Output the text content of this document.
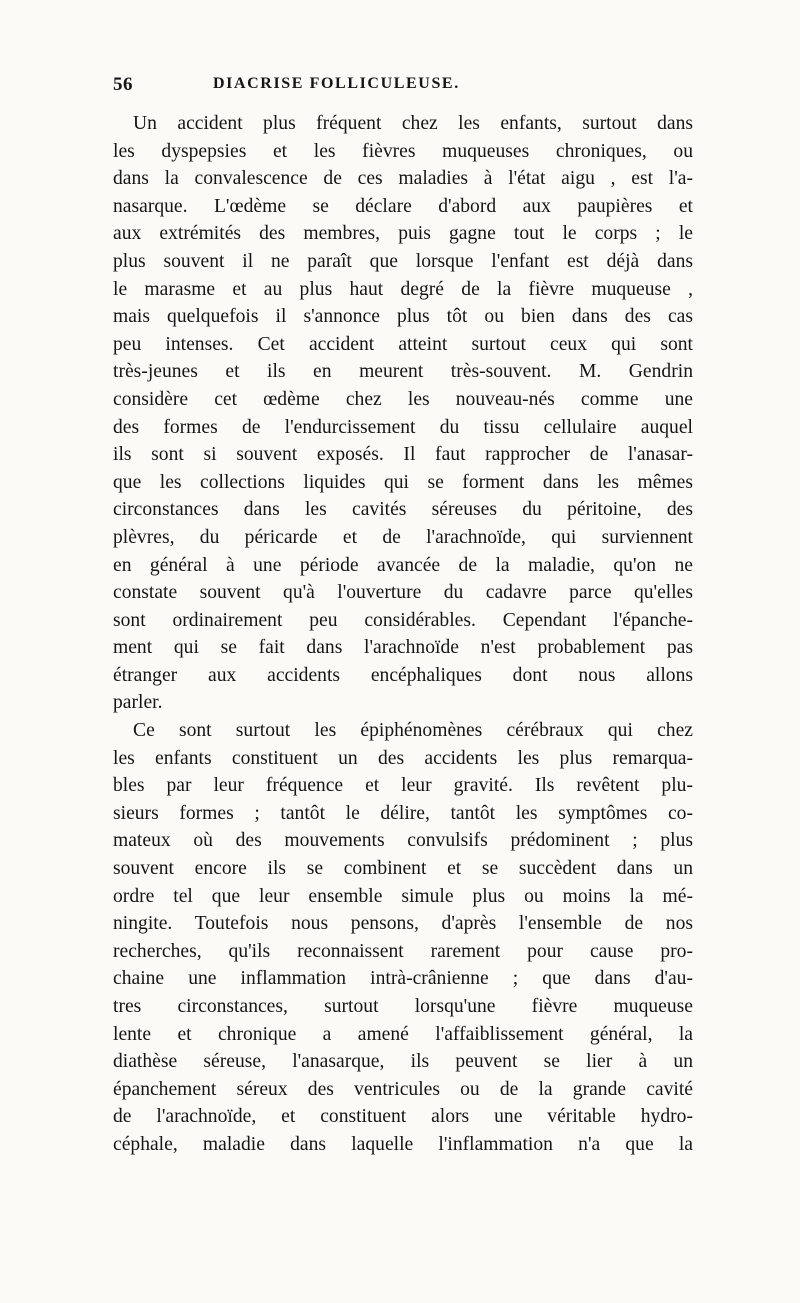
56	DIACRISE FOLLICULEUSE.
Un accident plus fréquent chez les enfants, surtout dans
les dyspepsies et les fièvres muqueuses chroniques, ou
dans la convalescence de ces maladies à l'état aigu , est l'a-
nasarque. L'œdème se déclare d'abord aux paupières et
aux extrémités des membres, puis gagne tout le corps ; le
plus souvent il ne paraît que lorsque l'enfant est déjà dans
le marasme et au plus haut degré de la fièvre muqueuse ,
mais quelquefois il s'annonce plus tôt ou bien dans des cas
peu intenses. Cet accident atteint surtout ceux qui sont
très-jeunes et ils en meurent très-souvent. M. Gendrin
considère cet œdème chez les nouveau-nés comme une
des formes de l'endurcissement du tissu cellulaire auquel
ils sont si souvent exposés. Il faut rapprocher de l'anasar-
que les collections liquides qui se forment dans les mêmes
circonstances dans les cavités séreuses du péritoine, des
plèvres, du péricarde et de l'arachnoïde, qui surviennent
en général à une période avancée de la maladie, qu'on ne
constate souvent qu'à l'ouverture du cadavre parce qu'elles
sont ordinairement peu considérables. Cependant l'épanche-
ment qui se fait dans l'arachnoïde n'est probablement pas
étranger aux accidents encéphaliques dont nous allons
parler.
Ce sont surtout les épiphénomènes cérébraux qui chez
les enfants constituent un des accidents les plus remarqua-
bles par leur fréquence et leur gravité. Ils revêtent plu-
sieurs formes ; tantôt le délire, tantôt les symptômes co-
mateux où des mouvements convulsifs prédominent ; plus
souvent encore ils se combinent et se succèdent dans un
ordre tel que leur ensemble simule plus ou moins la mé-
ningite. Toutefois nous pensons, d'après l'ensemble de nos
recherches, qu'ils reconnaissent rarement pour cause pro-
chaine une inflammation intrà-crânienne ; que dans d'au-
tres circonstances, surtout lorsqu'une fièvre muqueuse
lente et chronique a amené l'affaiblissement général, la
diathèse séreuse, l'anasarque, ils peuvent se lier à un
épanchement séreux des ventricules ou de la grande cavité
de l'arachnoïde, et constituent alors une véritable hydro-
céphale, maladie dans laquelle l'inflammation n'a que la
